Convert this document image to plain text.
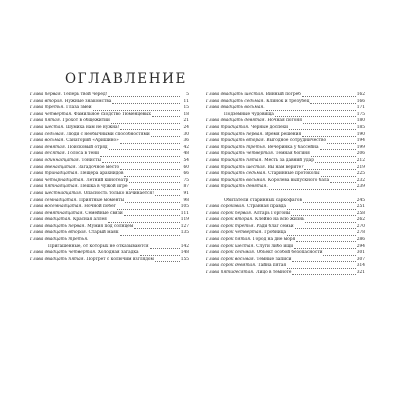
ОГЛАВЛЕНИЕ
Глава первая. Теперь твой черед!	5
Глава вторая. Нужные знакомства	11
Глава третья. Глаза змеи	15
Глава четвертая. Фамильное сходство Тюменцевых	18
Глава пятая. Грохот в общежитии	21
Глава шестая. Шумиха нам не нужна!	24
Глава седьмая. Люди с необычными способностями	30
Глава восьмая. Санаторий «Аришино»	36
Глава девятая. Поисковый отряд	42
Глава десятая. Голоса в тени	48
Глава одиннадцатая. Тонисты	54
Глава двенадцатая. Загадочное место	60
Глава тринадцатая. Пещера арахнидов	66
Глава четырнадцатая. Летний кинотеатр	75
Глава пятнадцатая. Пешка в чужой игре	87
Глава шестнадцатая. Опасность только начинается!	91
Глава семнадцатая. Приятные моменты	98
Глава восемнадцатая. Ночной побег	105
Глава девятнадцатая. Семейные связи	111
Глава двадцатая. Красная аллея	119
Глава двадцать первая. Мумия под солнцем	127
Глава двадцать вторая. Старый маяк	135
Глава двадцать третья.
Пригашенные, от которых не отказываются	142
Глава двадцать четвертая. Холодная загадка	148
Глава двадцать пятая. Портрет с колючим взглядом	155
Глава двадцать шестая. Винный погреб	162
Глава двадцать седьмая. Клинок и трезубец	166
Глава двадцать восьмая.	171
Подземные чудовища	175
Глава двадцать девятая. Ночная погоня	180
Глава тридцатая. Черные доспехи	185
Глава тридцать первая. Время решения	190
Глава тридцать вторая. Выгодное сотрудничество	194
Глава тридцать третья. Вечеринка у бассейна	199
Глава тридцать четвертая. Темная богиня	206
Глава тридцать пятая. Месть за давний удар	212
Глава тридцать шестая. Вы нам верите?	219
Глава тридцать седьмая. Старинные протоколы	225
Глава тридцать восьмая. Королева выпускного бала	232
Глава тридцать девятая.	239
Обитатели старинных саркофагов	245
Глава сороковая. Странная правда	251
Глава сорок первая. Алтарь Горгоны	258
Глава сорок вторая. Клейно на всю жизнь	262
Глава сорок третья. Ради благ семьи	270
Глава сорок четвертая. Гробница	278
Глава сорок пятая. Город на дне моря	286
Глава сорок шестая. Слуги либо ищи	294
Глава сорок седьмая. Объект особой безопасности	301
Глава сорок восьмая. Темные записи	307
Глава сорок девятая. Тайна пятая	314
Глава пятидесятая. Лицо в темноте	321
